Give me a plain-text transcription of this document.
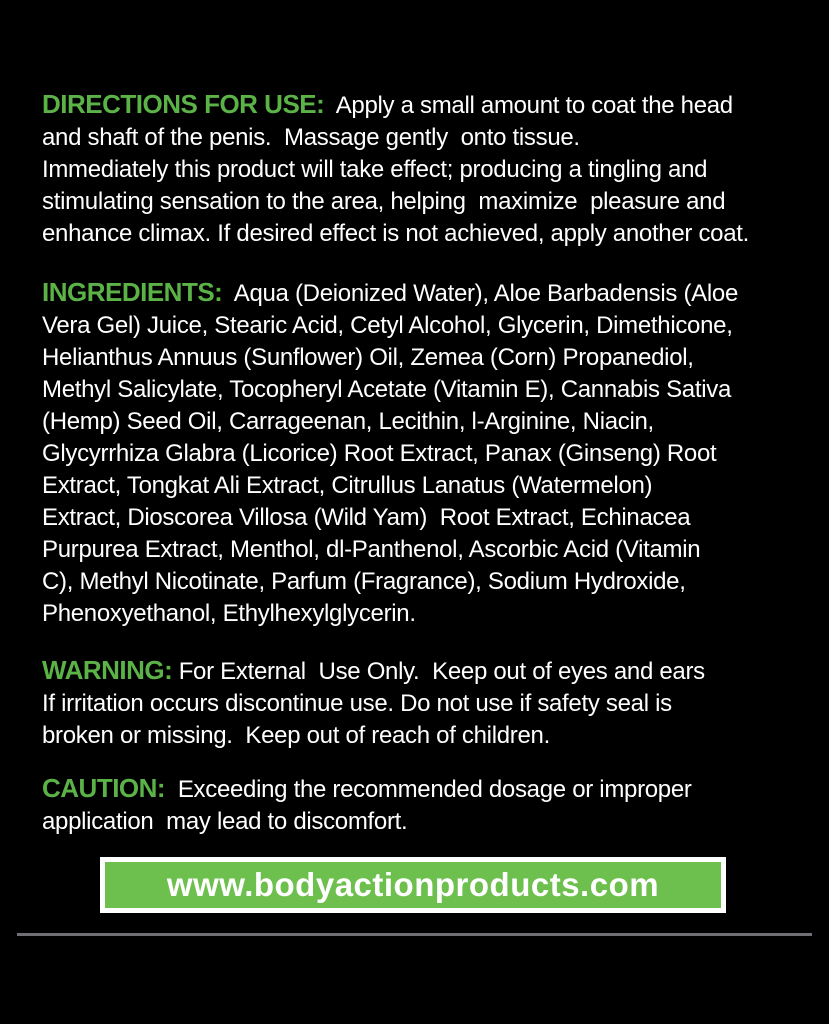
DIRECTIONS FOR USE:  Apply a small amount to coat the head
and shaft of the penis.  Massage gently  onto tissue.
Immediately this product will take effect; producing a tingling and
stimulating sensation to the area, helping  maximize  pleasure and
enhance climax. If desired effect is not achieved, apply another coat.
INGREDIENTS:  Aqua (Deionized Water), Aloe Barbadensis (Aloe
Vera Gel) Juice, Stearic Acid, Cetyl Alcohol, Glycerin, Dimethicone,
Helianthus Annuus (Sunflower) Oil, Zemea (Corn) Propanediol,
Methyl Salicylate, Tocopheryl Acetate (Vitamin E), Cannabis Sativa
(Hemp) Seed Oil, Carrageenan, Lecithin, l-Arginine, Niacin,
Glycyrrhiza Glabra (Licorice) Root Extract, Panax (Ginseng) Root
Extract, Tongkat Ali Extract, Citrullus Lanatus (Watermelon)
Extract, Dioscorea Villosa (Wild Yam)  Root Extract, Echinacea
Purpurea Extract, Menthol, dl-Panthenol, Ascorbic Acid (Vitamin
C), Methyl Nicotinate, Parfum (Fragrance), Sodium Hydroxide,
Phenoxyethanol, Ethylhexylglycerin.
WARNING: For External  Use Only.  Keep out of eyes and ears
If irritation occurs discontinue use. Do not use if safety seal is
broken or missing.  Keep out of reach of children.
CAUTION:  Exceeding the recommended dosage or improper
application  may lead to discomfort.
www.bodyactionproducts.com
